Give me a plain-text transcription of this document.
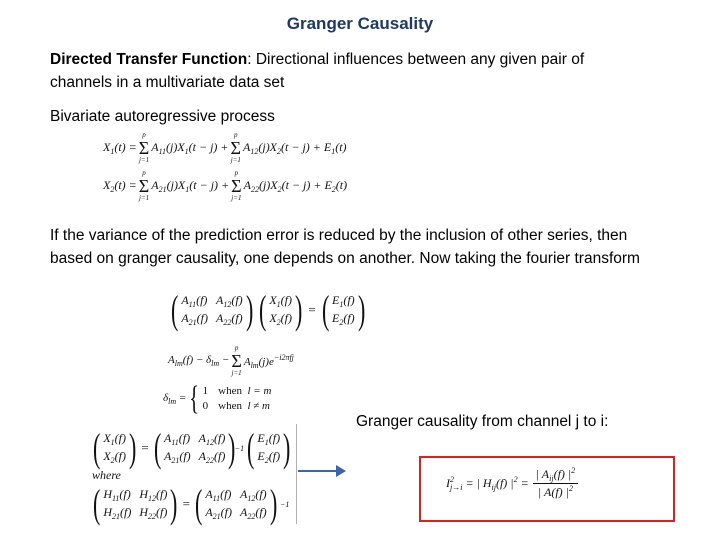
Granger Causality
Directed Transfer Function: Directional influences between any given pair of channels in a multivariate data set
Bivariate autoregressive process
$X_1(t)$ =
p
Σ
j=1
$A_{11}(j)X_1(t - j)$ +
p
Σ
j=1
$A_{12}(j)X_2(t - j) + E_1(t)$
$X_2(t)$ =
p
Σ
j=1
$A_{21}(j)X_1(t - j)$ +
p
Σ
j=1
$A_{22}(j)X_2(t - j) + E_2(t)$
If the variance of the prediction error is reduced by the inclusion of other series, then based on granger causality, one depends on another. Now taking the fourier transform
( $A_{11}(f)$ $A_{12}(f)$
$A_{21}(f)$ $A_{22}(f)$ ) ( $X_1(f)$
$X_2(f)$ ) = ( $E_1(f)$
$E_2(f)$ )
$A_{lm}(f) - \delta_{lm}$ −
p
Σ
j=1
$A_{lm}(j)e^{-i2\pi fj}$
$\delta_{lm}$ = { 1 when  l = m
0 when  l ≠ m
( $X_1(f)$
$X_2(f)$ ) = ( $A_{11}(f)$ $A_{12}(f)$
$A_{21}(f)$ $A_{22}(f)$ )
−1 ( $E_1(f)$
$E_2(f)$ )
where
( $H_{11}(f)$ $H_{12}(f)$
$H_{21}(f)$ $H_{22}(f)$ ) = ( $A_{11}(f)$ $A_{12}(f)$
$A_{21}(f)$ $A_{22}(f)$ ) −1
Granger causality from channel j to i:
$I^2_{j\to i}$ = | $H_{ij}(f) |^2 = \frac{| A_{ij}(f) |^2}{| A(f) |^2}$
